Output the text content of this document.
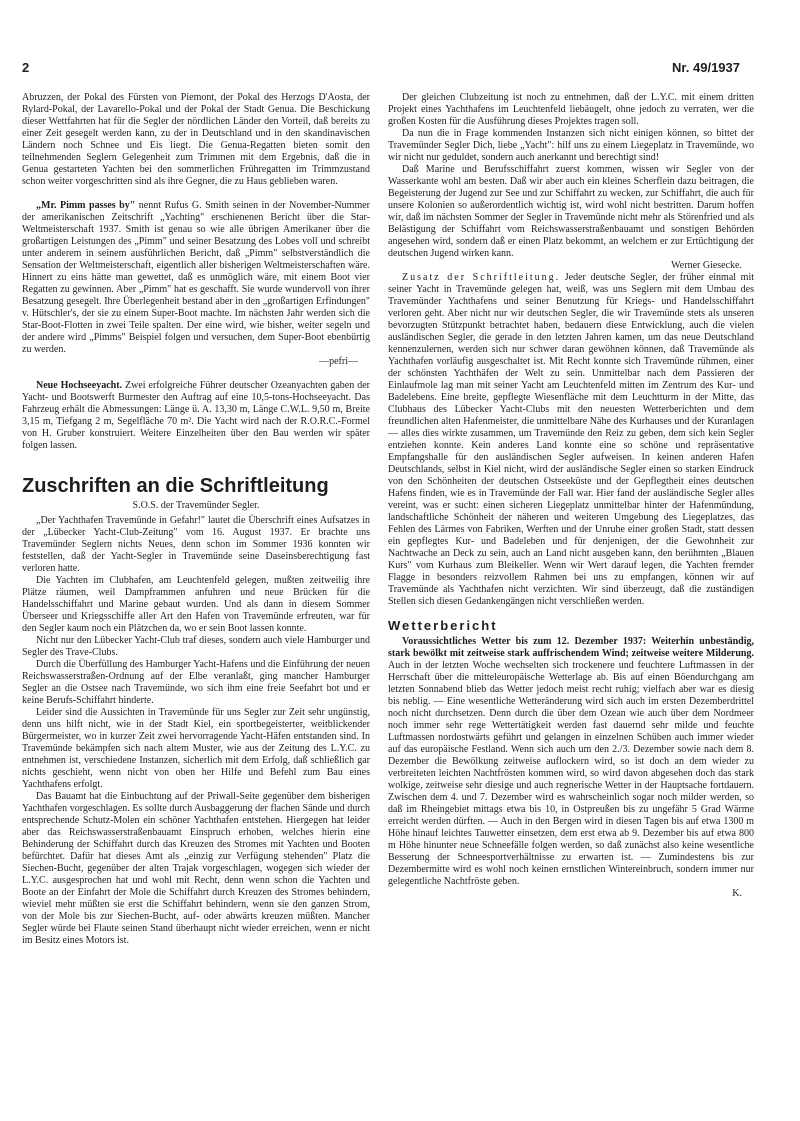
2	Nr. 49/1937

Abruzzen, der Pokal des Fürsten von Piemont, der Pokal des Herzogs D'Aosta, der Rylard-Pokal, der Lavarello-Pokal und der Pokal der Stadt Genua. Die Beschickung dieser Wettfahrten hat für die Segler der nördlichen Länder den Vorteil, daß bereits zu einer Zeit gesegelt werden kann, zu der in Deutschland und in den skandinavischen Ländern noch Schnee und Eis liegt. Die Genua-Regatten bieten somit den teilnehmenden Seglern Gelegenheit zum Trimmen mit dem Ergebnis, daß die in Genua gestarteten Yachten bei den sommerlichen Frühregatten im Trimmzustand schon weiter vorgeschritten sind als ihre Gegner, die zu Haus geblieben waren.

„Mr. Pimm passes by" nennt Rufus G. Smith seinen in der November-Nummer der amerikanischen Zeitschrift „Yachting" erschienenen Bericht über die Star-Weltmeisterschaft 1937. Smith ist genau so wie alle übrigen Amerikaner über die großartigen Leistungen des „Pimm" und seiner Besatzung des Lobes voll und schreibt unter anderem in seinem ausführlichen Bericht, daß „Pimm" selbstverständlich die Sensation der Weltmeisterschaft, eigentlich aller bisherigen Weltmeisterschaften wäre. Hinnert zu eins hätte man gewettet, daß es unmöglich wäre, mit einem Boot vier Regatten zu gewinnen. Aber „Pimm" hat es geschafft. Sie wurde wundervoll von ihrer Besatzung gesegelt. Ihre Überlegenheit bestand aber in den „großartigen Erfindungen" v. Hütschler's, der sie zu einem Super-Boot machte. Im nächsten Jahr werden sich die Star-Boot-Flotten in zwei Teile spalten. Der eine wird, wie bisher, weiter segeln und der andere wird „Pimms" Beispiel folgen und versuchen, dem Super-Boot ebenbürtig zu werden.

—pefri—

Neue Hochseeyacht. Zwei erfolgreiche Führer deutscher Ozeanyachten gaben der Yacht- und Bootswerft Burmester den Auftrag auf eine 10,5-tons-Hochseeyacht. Das Fahrzeug erhält die Abmessungen: Länge ü. A. 13,30 m, Länge C.W.L. 9,50 m, Breite 3,15 m, Tiefgang 2 m, Segelfläche 70 m². Die Yacht wird nach der R.O.R.C.-Formel von H. Gruber konstruiert. Weitere Einzelheiten über den Bau werden wir später folgen lassen.

Zuschriften an die Schriftleitung
S.O.S. der Travemünder Segler.

„Der Yachthafen Travemünde in Gefahr!" lautet die Überschrift eines Aufsatzes in der „Lübecker Yacht-Club-Zeitung" vom 16. August 1937. Er brachte uns Travemünder Seglern nichts Neues, denn schon im Sommer 1936 konnten wir feststellen, daß der Yacht-Segler in Travemünde seine Daseinsberechtigung fast verloren hatte.

Die Yachten im Clubhafen, am Leuchtenfeld gelegen, mußten zeitweilig ihre Plätze räumen, weil Dampframmen anfuhren und neue Brücken für die Handelsschiffahrt und Marine gebaut wurden. Und als dann in diesem Sommer Überseer und Kriegsschiffe aller Art den Hafen von Travemünde erfreuten, war für den Segler kaum noch ein Plätzchen da, wo er sein Boot lassen konnte.

Nicht nur den Lübecker Yacht-Club traf dieses, sondern auch viele Hamburger und Segler des Trave-Clubs.

Durch die Überfüllung des Hamburger Yacht-Hafens und die Einführung der neuen Reichswasserstraßen-Ordnung auf der Elbe veranlaßt, ging mancher Hamburger Segler an die Ostsee nach Travemünde, wo sich ihm eine freie Seefahrt bot und er keine Berufs-Schiffahrt hinderte.

Leider sind die Aussichten in Travemünde für uns Segler zur Zeit sehr ungünstig, denn uns hilft nicht, wie in der Stadt Kiel, ein sportbegeisterter, weitblickender Bürgermeister, wo in kurzer Zeit zwei hervorragende Yacht-Häfen entstanden sind. In Travemünde bekämpfen sich nach altem Muster, wie aus der Zeitung des L.Y.C. zu entnehmen ist, verschiedene Instanzen, sicherlich mit dem Erfolg, daß schließlich gar nichts geschieht, wenn nicht von oben her Hilfe und Befehl zum Bau eines Yachthafens erfolgt.

Das Bauamt hat die Einbuchtung auf der Priwall-Seite gegenüber dem bisherigen Yachthafen vorgeschlagen. Es sollte durch Ausbaggerung der flachen Sände und durch entsprechende Schutz-Molen ein schöner Yachthafen entstehen. Hiergegen hat leider aber das Reichswasserstraßenbauamt Einspruch erhoben, welches hierin eine Behinderung der Schiffahrt durch das Kreuzen des Stromes mit Yachten und Booten befürchtet. Dafür hat dieses Amt als „einzig zur Verfügung stehenden" Platz die Siechen-Bucht, gegenüber der alten Trajak vorgeschlagen, wogegen sich wieder der L.Y.C. ausgesprochen hat und wohl mit Recht, denn wenn schon die Yachten und Boote an der Einfahrt der Mole die Schiffahrt durch Kreuzen des Stromes behindern, wieviel mehr müßten sie erst die Schiffahrt behindern, wenn sie den ganzen Strom, von der Mole bis zur Siechen-Bucht, auf- oder abwärts kreuzen müßten. Mancher Segler würde bei Flaute seinen Stand überhaupt nicht wieder erreichen, wenn er nicht im Besitz eines Motors ist.

Der gleichen Clubzeitung ist noch zu entnehmen, daß der L.Y.C. mit einem dritten Projekt eines Yachthafens im Leuchtenfeld liebäugelt, ohne jedoch zu verraten, wer die großen Kosten für die Ausführung dieses Projektes tragen soll.

Da nun die in Frage kommenden Instanzen sich nicht einigen können, so bittet der Travemünder Segler Dich, liebe „Yacht": hilf uns zu einem Liegeplatz in Travemünde, wo wir nicht nur geduldet, sondern auch anerkannt und berechtigt sind!

Daß Marine und Berufsschiffahrt zuerst kommen, wissen wir Segler von der Wasserkante wohl am besten. Daß wir aber auch ein kleines Scherflein dazu beitragen, die Begeisterung der Jugend zur See und zur Schiffahrt zu wecken, zur Schiffahrt, die auch für unsere Kolonien so außerordentlich wichtig ist, wird wohl nicht bestritten. Darum hoffen wir, daß im nächsten Sommer der Segler in Travemünde nicht mehr als Störenfried und als Belästigung der Schiffahrt vom Reichswasserstraßenbauamt und sonstigen Behörden angesehen wird, sondern daß er einen Platz bekommt, an welchem er zur Ertüchtigung der deutschen Jugend wirken kann.

Werner Giesecke.

Zusatz der Schriftleitung. Jeder deutsche Segler, der früher einmal mit seiner Yacht in Travemünde gelegen hat, weiß, was uns Seglern mit dem Umbau des Travemünder Yachthafens und seiner Benutzung für Kriegs- und Handelsschiffahrt verloren geht. Aber nicht nur wir deutschen Segler, die wir Travemünde stets als unseren bevorzugten Stützpunkt betrachtet haben, bedauern diese Entwicklung, auch die vielen ausländischen Segler, die gerade in den letzten Jahren kamen, um das neue Deutschland kennenzulernen, werden sich nur schwer daran gewöhnen können, daß Travemünde als Yachthafen vorläufig ausgeschaltet ist. Mit Recht konnte sich Travemünde rühmen, einer der schönsten Yachthäfen der Welt zu sein. Unmittelbar nach dem Passieren der Einlaufmole lag man mit seiner Yacht am Leuchtenfeld mitten im Zentrum des Kur- und Badelebens. Eine breite, gepflegte Wiesenfläche mit dem Leuchtturm in der Mitte, das Clubhaus des Lübecker Yacht-Clubs mit den neuesten Wetterberichten und dem freundlichen alten Hafenmeister, die unmittelbare Nähe des Kurhauses und der Kuranlagen — alles dies wirkte zusammen, um Travemünde den Reiz zu geben, dem sich kein Segler entziehen konnte. Kein anderes Land konnte eine so schöne und repräsentative Empfangshalle für den ausländischen Segler aufweisen. In keinen anderen Hafen Deutschlands, selbst in Kiel nicht, wird der ausländische Segler einen so starken Eindruck von den Schönheiten der deutschen Ostseeküste und der Gepflegtheit eines deutschen Hafens finden, wie es in Travemünde der Fall war. Hier fand der ausländische Segler alles vereint, was er sucht: einen sicheren Liegeplatz unmittelbar hinter der Hafenmündung, landschaftliche Schönheit der näheren und weiteren Umgebung des Liegeplatzes, das Fehlen des Lärmes von Fabriken, Werften und der Unruhe einer großen Stadt, statt dessen ein gepflegtes Kur- und Badeleben und für denjenigen, der die Gewohnheit zur Nachtwache an Deck zu sein, auch an Land nicht ausgeben kann, den berühmten „Blauen Kurs" vom Kurhaus zum Bleikeller. Wenn wir Wert darauf legen, die Yachten fremder Flagge in besonders reizvollem Rahmen bei uns zu empfangen, können wir auf Travemünde als Yachthafen nicht verzichten. Wir sind überzeugt, daß die zuständigen Stellen sich diesen Gedankengängen nicht verschließen werden.

Wetterbericht

Voraussichtliches Wetter bis zum 12. Dezember 1937: Weiterhin unbeständig, stark bewölkt mit zeitweise stark auffrischendem Wind; zeitweise weitere Milderung. Auch in der letzten Woche wechselten sich trockenere und feuchtere Luftmassen in der Herrschaft über die mitteleuropäische Wetterlage ab. Bis auf einen Böendurchgang am letzten Sonnabend blieb das Wetter jedoch meist recht ruhig; vielfach aber war es diesig bis neblig. — Eine wesentliche Wetteränderung wird sich auch im ersten Dezemberdrittel noch nicht durchsetzen. Denn durch die über dem Ozean wie auch über dem Nordmeer noch immer sehr rege Wettertätigkeit werden fast dauernd sehr milde und feuchte Luftmassen nordostwärts geführt und gelangen in einzelnen Schüben auch immer wieder auf das europäische Festland. Wenn sich auch um den 2./3. Dezember sowie nach dem 8. Dezember die Bewölkung zeitweise auflockern wird, so ist doch an dem wieder zu verbreiteten leichten Nachtfrösten kommen wird, so wird davon abgesehen doch das stark wolkige, zeitweise sehr diesige und auch regnerische Wetter in der Hauptsache fortdauern. Zwischen dem 4. und 7. Dezember wird es wahrscheinlich sogar noch milder werden, so daß im Rheingebiet mittags etwa bis 10, in Ostpreußen bis zu ungefähr 5 Grad Wärme erreicht werden dürften. — Auch in den Bergen wird in diesen Tagen bis auf etwa 1300 m Höhe hinauf leichtes Tauwetter einsetzen, dem erst etwa ab 9. Dezember bis auf etwa 800 m Höhe hinunter neue Schneefälle folgen werden, so daß zunächst also keine wesentliche Besserung der Schneesportverhältnisse zu erwarten ist. — Zumindestens bis zur Dezembermitte wird es wohl noch keinen ernstlichen Wintereinbruch, sondern immer nur gelegentliche Nachtfröste geben.

K.
